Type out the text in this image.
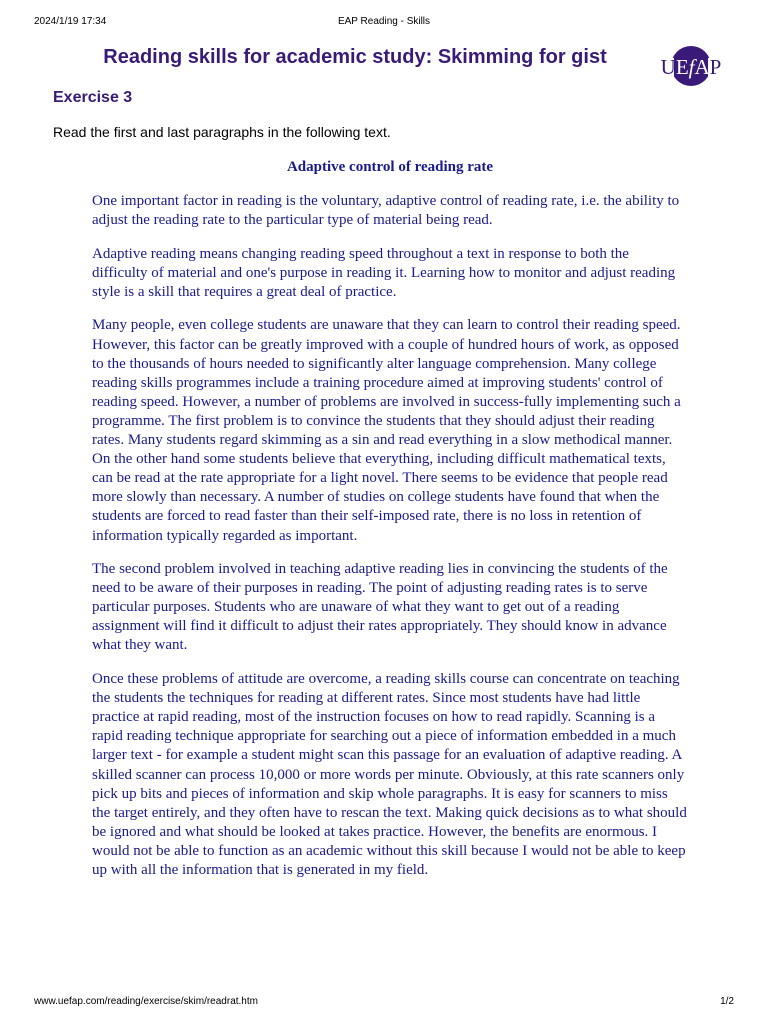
2024/1/19 17:34	EAP Reading - Skills
Reading skills for academic study: Skimming for gist	UEfAP
Exercise 3

Read the first and last paragraphs in the following text.

Adaptive control of reading rate

One important factor in reading is the voluntary, adaptive control of reading rate, i.e. the ability to adjust the reading rate to the particular type of material being read.

Adaptive reading means changing reading speed throughout a text in response to both the difficulty of material and one's purpose in reading it. Learning how to monitor and adjust reading style is a skill that requires a great deal of practice.

Many people, even college students are unaware that they can learn to control their reading speed. However, this factor can be greatly improved with a couple of hundred hours of work, as opposed to the thousands of hours needed to significantly alter language comprehension. Many college reading skills programmes include a training procedure aimed at improving students' control of reading speed. However, a number of problems are involved in success-fully implementing such a programme. The first problem is to convince the students that they should adjust their reading rates. Many students regard skimming as a sin and read everything in a slow methodical manner. On the other hand some students believe that everything, including difficult mathematical texts, can be read at the rate appropriate for a light novel. There seems to be evidence that people read more slowly than necessary. A number of studies on college students have found that when the students are forced to read faster than their self-imposed rate, there is no loss in retention of information typically regarded as important.

The second problem involved in teaching adaptive reading lies in convincing the students of the need to be aware of their purposes in reading. The point of adjusting reading rates is to serve particular purposes. Students who are unaware of what they want to get out of a reading assignment will find it difficult to adjust their rates appropriately. They should know in advance what they want.

Once these problems of attitude are overcome, a reading skills course can concentrate on teaching the students the techniques for reading at different rates. Since most students have had little practice at rapid reading, most of the instruction focuses on how to read rapidly. Scanning is a rapid reading technique appropriate for searching out a piece of information embedded in a much larger text - for example a student might scan this passage for an evaluation of adaptive reading. A skilled scanner can process 10,000 or more words per minute. Obviously, at this rate scanners only pick up bits and pieces of information and skip whole paragraphs. It is easy for scanners to miss the target entirely, and they often have to rescan the text. Making quick decisions as to what should be ignored and what should be looked at takes practice. However, the benefits are enormous. I would not be able to function as an academic without this skill because I would not be able to keep up with all the information that is generated in my field.

www.uefap.com/reading/exercise/skim/readrat.htm	1/2
